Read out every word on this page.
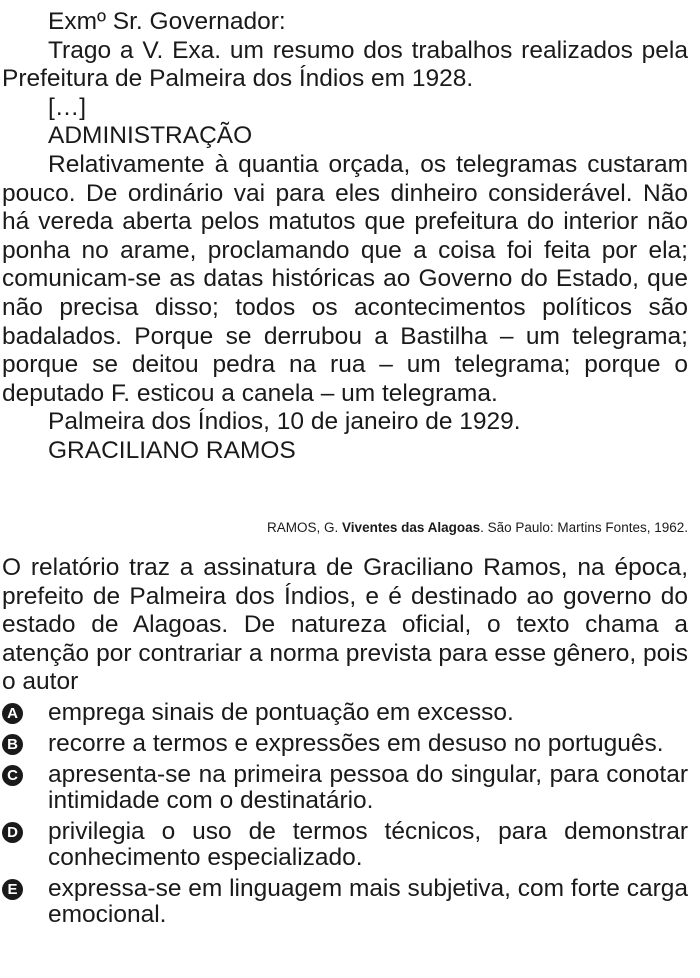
Exmº Sr. Governador:

Trago a V. Exa. um resumo dos trabalhos realizados pela Prefeitura de Palmeira dos Índios em 1928.

[…]

ADMINISTRAÇÃO

Relativamente à quantia orçada, os telegramas custaram pouco. De ordinário vai para eles dinheiro considerável. Não há vereda aberta pelos matutos que prefeitura do interior não ponha no arame, proclamando que a coisa foi feita por ela; comunicam-se as datas históricas ao Governo do Estado, que não precisa disso; todos os acontecimentos políticos são badalados. Porque se derrubou a Bastilha – um telegrama; porque se deitou pedra na rua – um telegrama; porque o deputado F. esticou a canela – um telegrama.

Palmeira dos Índios, 10 de janeiro de 1929.

GRACILIANO RAMOS

RAMOS, G. Viventes das Alagoas. São Paulo: Martins Fontes, 1962.

O relatório traz a assinatura de Graciliano Ramos, na época, prefeito de Palmeira dos Índios, e é destinado ao governo do estado de Alagoas. De natureza oficial, o texto chama a atenção por contrariar a norma prevista para esse gênero, pois o autor

A emprega sinais de pontuação em excesso.
B recorre a termos e expressões em desuso no português.
C apresenta-se na primeira pessoa do singular, para conotar intimidade com o destinatário.
D privilegia o uso de termos técnicos, para demonstrar conhecimento especializado.
E expressa-se em linguagem mais subjetiva, com forte carga emocional.
